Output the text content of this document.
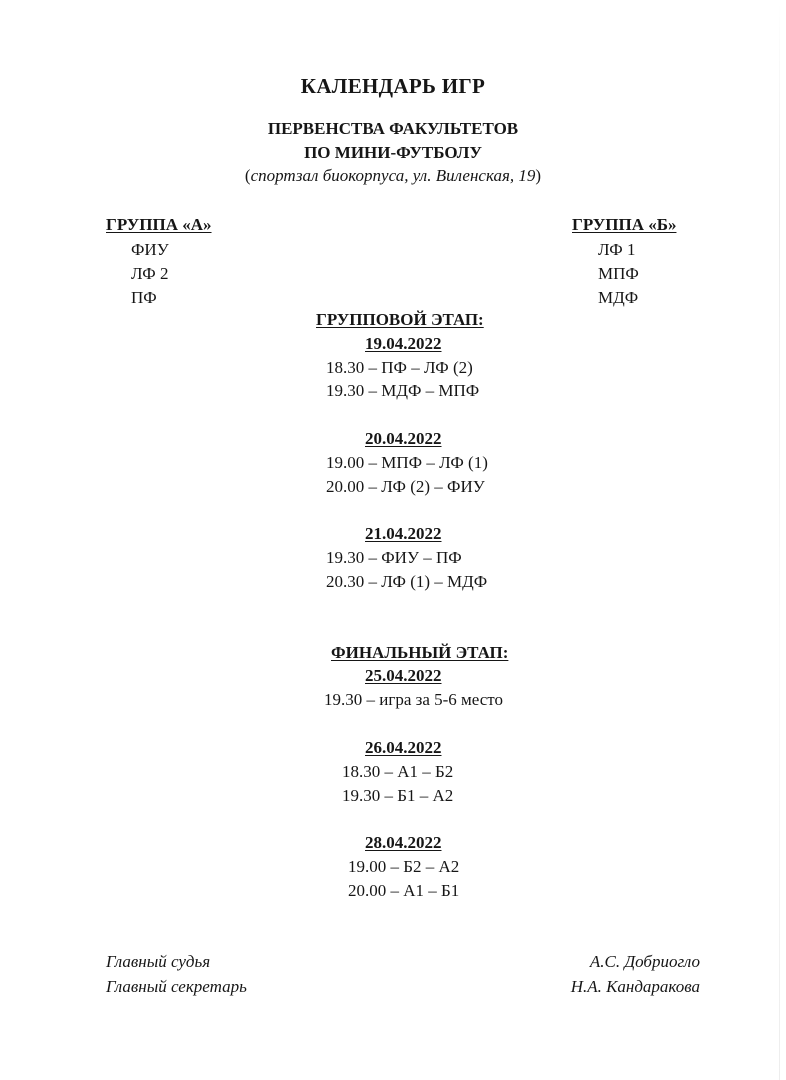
КАЛЕНДАРЬ ИГР
ПЕРВЕНСТВА ФАКУЛЬТЕТОВ
ПО МИНИ-ФУТБОЛУ
(спортзал биокорпуса, ул. Виленская, 19)
ГРУППА «А»
ФИУ
ЛФ 2
ПФ
ГРУППА «Б»
ЛФ 1
МПФ
МДФ
ГРУППОВОЙ ЭТАП:
19.04.2022
18.30 – ПФ – ЛФ (2)
19.30 – МДФ – МПФ
20.04.2022
19.00 – МПФ – ЛФ (1)
20.00 – ЛФ (2) – ФИУ
21.04.2022
19.30 – ФИУ – ПФ
20.30 – ЛФ (1) – МДФ
ФИНАЛЬНЫЙ ЭТАП:
25.04.2022
19.30 – игра за 5-6 место
26.04.2022
18.30 – А1 – Б2
19.30 – Б1 – А2
28.04.2022
19.00 – Б2 – А2
20.00 – А1 – Б1
Главный судья	А.С. Добриогло
Главный секретарь	Н.А. Кандаракова
